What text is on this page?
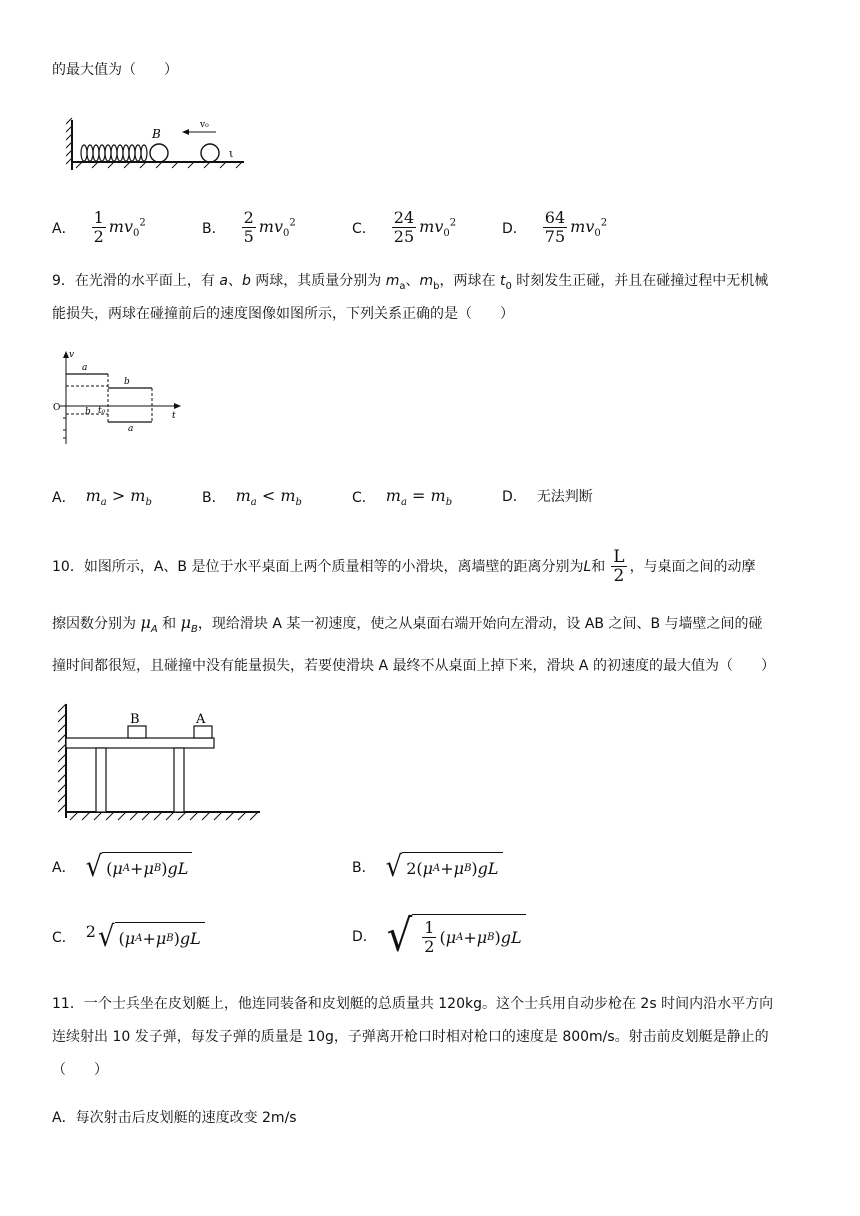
的最大值为（　　）
B
v₀
ι
A． $\frac{1}{2} mv_0^2$	B． $\frac{2}{5} mv_0^2$	C． $\frac{24}{25} mv_0^2$	D． $\frac{64}{75} mv_0^2$
9．在光滑的水平面上，有 a、b 两球，其质量分别为 $m_a$、$m_b$，两球在 $t_0$ 时刻发生正碰，并且在碰撞过程中无机械
能损失，两球在碰撞前后的速度图像如图所示，下列关系正确的是（　　）
v
O
t
a
b
b t₀
a
A． $m_a > m_b$	B． $m_a < m_b$	C． $m_a = m_b$	D． 无法判断
10．如图所示，A、B 是位于水平桌面上两个质量相等的小滑块，离墙壁的距离分别为 L 和 $\frac{L}{2}$ ，与桌面之间的动摩
擦因数分别为 $\mu_A$ 和 $\mu_B$，现给滑块 A 某一初速度，使之从桌面右端开始向左滑动，设 AB 之间、B 与墙壁之间的碰
撞时间都很短，且碰撞中没有能量损失，若要使滑块 A 最终不从桌面上掉下来，滑块 A 的初速度的最大值为（　　）
B	A
A． √ ( μ A + μ B ) gL	B． √ 2( μ A + μ B ) gL
C． 2 √ ( μ A + μ B ) gL	D． √ $\frac{1}{2}$ ( μ A + μ B ) gL
11．一个士兵坐在皮划艇上，他连同装备和皮划艇的总质量共 120kg。这个士兵用自动步枪在 2s 时间内沿水平方向
连续射出 10 发子弹，每发子弹的质量是 10g，子弹离开枪口时相对枪口的速度是 800m/s。射击前皮划艇是静止的
（　　）
A．每次射击后皮划艇的速度改变 2m/s
